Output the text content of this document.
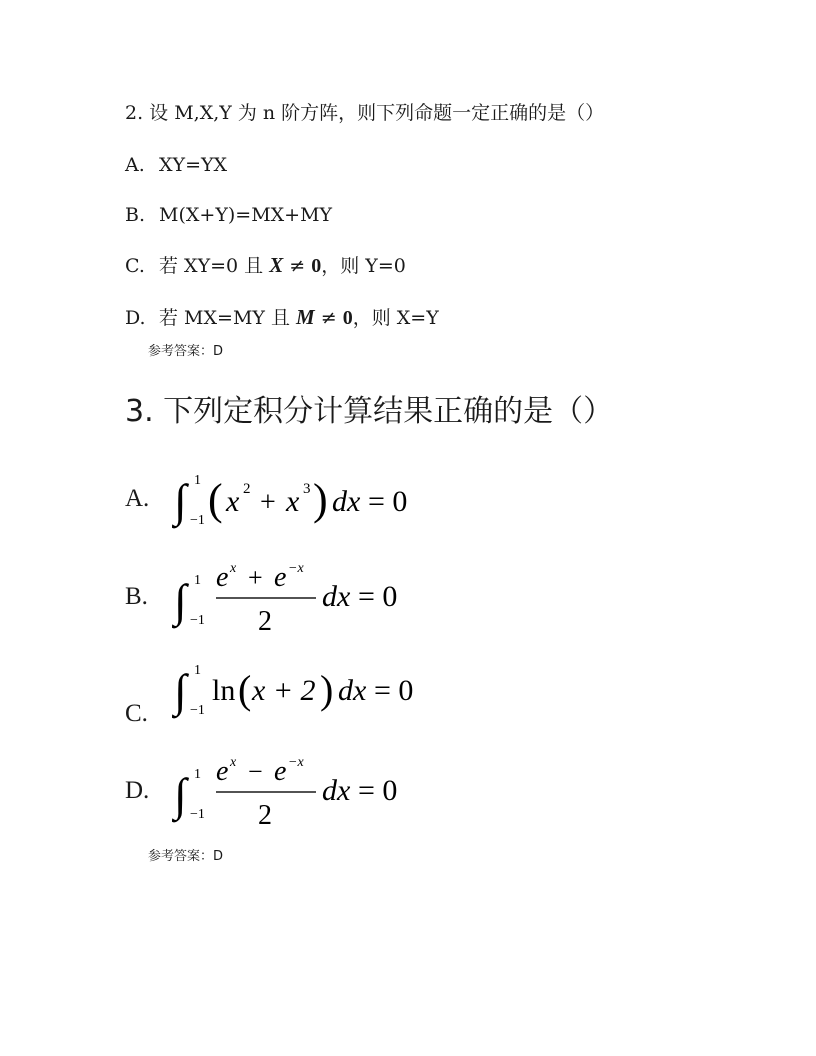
2. 设 M,X,Y 为 n 阶方阵，则下列命题一定正确的是（）
A. XY=YX
B. M(X+Y)=MX+MY
C. 若 XY=0 且 X ≠ 0，则 Y=0
D. 若 MX=MY 且 M ≠ 0，则 X=Y
参考答案：D
3. 下列定积分计算结果正确的是（）
A. ∫ 1
−1 ( x 2 + x 3 ) dx = 0
B. ∫ 1
−1
e x + e −x
2
dx = 0
C. ∫ 1
−1
ln ( x + 2 ) dx = 0
D. ∫ 1
−1
e x − e −x
2
dx = 0
参考答案：D
